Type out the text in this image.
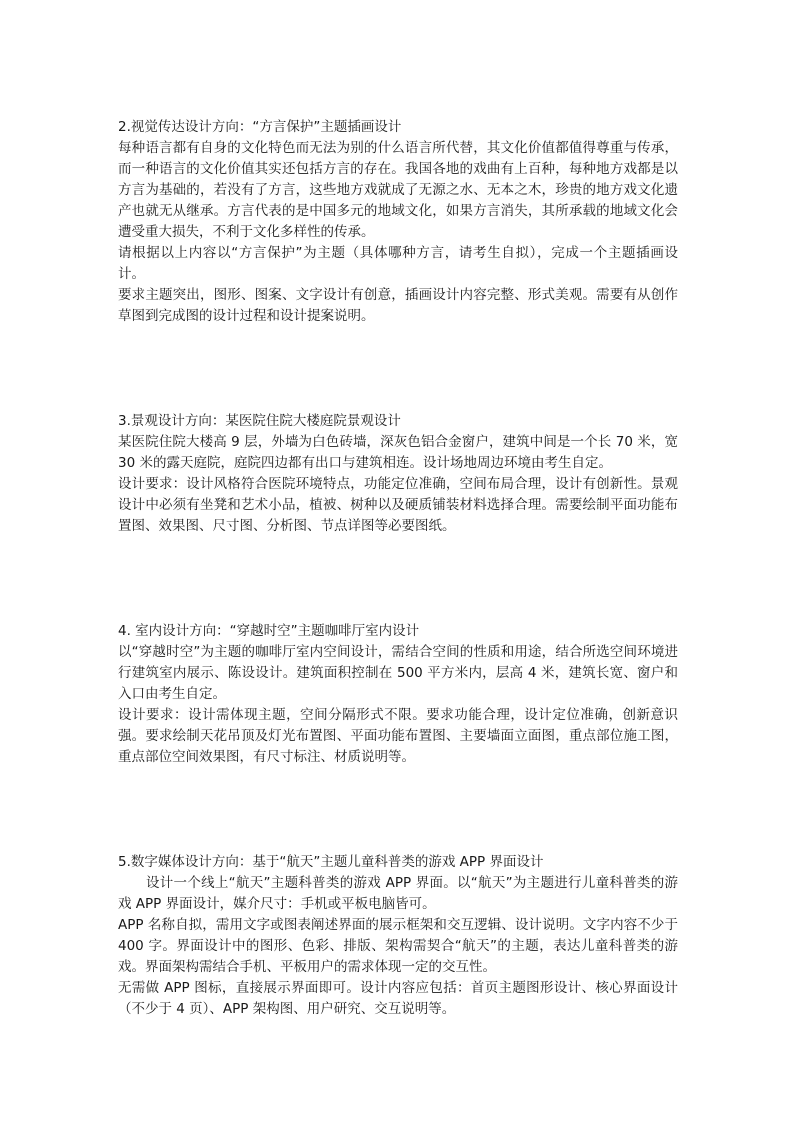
2.视觉传达设计方向：“方言保护”主题插画设计

每种语言都有自身的文化特色而无法为别的什么语言所代替，其文化价值都值得尊重与传承，而一种语言的文化价值其实还包括方言的存在。我国各地的戏曲有上百种，每种地方戏都是以方言为基础的，若没有了方言，这些地方戏就成了无源之水、无本之木，珍贵的地方戏文化遗产也就无从继承。方言代表的是中国多元的地域文化，如果方言消失，其所承载的地域文化会遭受重大损失，不利于文化多样性的传承。

请根据以上内容以“方言保护”为主题（具体哪种方言，请考生自拟），完成一个主题插画设计。

要求主题突出，图形、图案、文字设计有创意，插画设计内容完整、形式美观。需要有从创作草图到完成图的设计过程和设计提案说明。

3.景观设计方向：某医院住院大楼庭院景观设计

某医院住院大楼高 9 层，外墙为白色砖墙，深灰色铝合金窗户，建筑中间是一个长 70 米，宽 30 米的露天庭院，庭院四边都有出口与建筑相连。设计场地周边环境由考生自定。

设计要求：设计风格符合医院环境特点，功能定位准确，空间布局合理，设计有创新性。景观设计中必须有坐凳和艺术小品，植被、树种以及硬质铺装材料选择合理。需要绘制平面功能布置图、效果图、尺寸图、分析图、节点详图等必要图纸。

4. 室内设计方向：“穿越时空”主题咖啡厅室内设计

以“穿越时空”为主题的咖啡厅室内空间设计，需结合空间的性质和用途，结合所选空间环境进行建筑室内展示、陈设设计。建筑面积控制在 500 平方米内，层高 4 米，建筑长宽、窗户和入口由考生自定。

设计要求：设计需体现主题，空间分隔形式不限。要求功能合理，设计定位准确，创新意识强。要求绘制天花吊顶及灯光布置图、平面功能布置图、主要墙面立面图，重点部位施工图，重点部位空间效果图，有尺寸标注、材质说明等。

5.数字媒体设计方向：基于“航天”主题儿童科普类的游戏 APP 界面设计

设计一个线上“航天”主题科普类的游戏 APP 界面。以“航天”为主题进行儿童科普类的游戏 APP 界面设计，媒介尺寸：手机或平板电脑皆可。

APP 名称自拟，需用文字或图表阐述界面的展示框架和交互逻辑、设计说明。文字内容不少于 400 字。界面设计中的图形、色彩、排版、架构需契合“航天”的主题，表达儿童科普类的游戏。界面架构需结合手机、平板用户的需求体现一定的交互性。

无需做 APP 图标，直接展示界面即可。设计内容应包括：首页主题图形设计、核心界面设计（不少于 4 页）、APP 架构图、用户研究、交互说明等。
